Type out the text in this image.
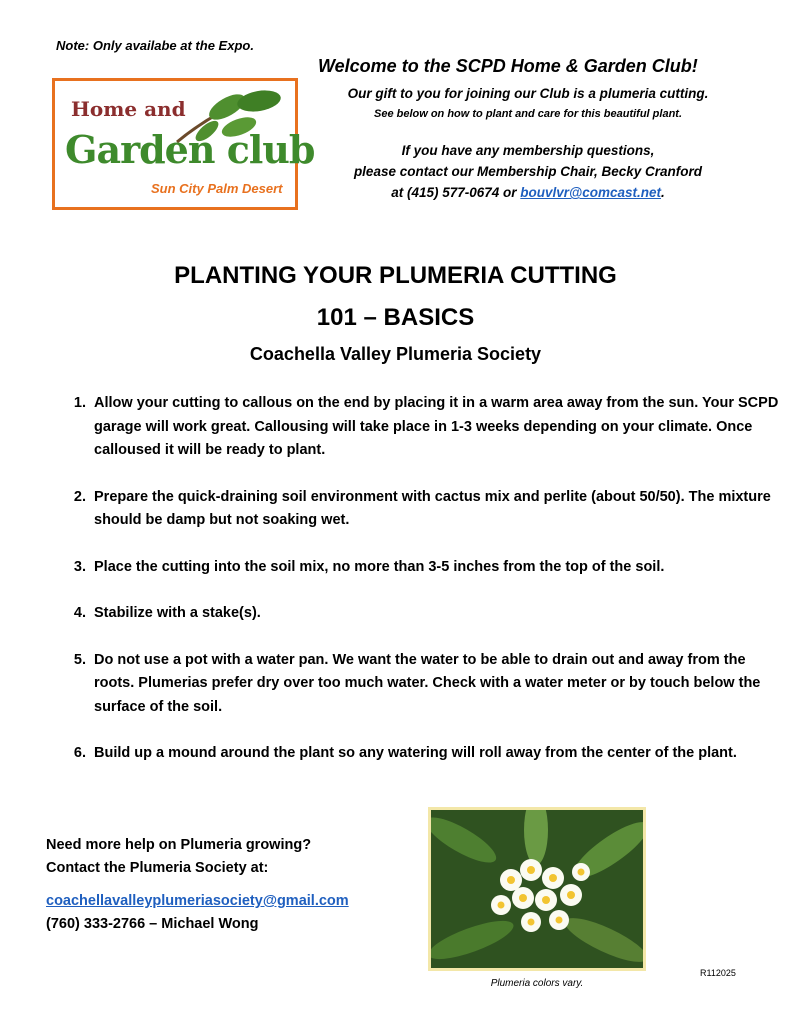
Note: Only availabe at the Expo.
Home and
Garden club
Sun City Palm Desert
Welcome to the SCPD Home & Garden Club!
Our gift to you for joining our Club is a plumeria cutting.
See below on how to plant and care for this beautiful plant.
If you have any membership questions,
please contact our Membership Chair, Becky Cranford
at (415) 577-0674 or bouvlvr@comcast.net.
PLANTING YOUR PLUMERIA CUTTING
101 – BASICS
Coachella Valley Plumeria Society
1. Allow your cutting to callous on the end by placing it in a warm area away from the sun. Your SCPD garage will work great. Callousing will take place in 1-3 weeks depending on your climate. Once calloused it will be ready to plant.
2. Prepare the quick-draining soil environment with cactus mix and perlite (about 50/50). The mixture should be damp but not soaking wet.
3. Place the cutting into the soil mix, no more than 3-5 inches from the top of the soil.
4. Stabilize with a stake(s).
5. Do not use a pot with a water pan. We want the water to be able to drain out and away from the roots. Plumerias prefer dry over too much water. Check with a water meter or by touch below the surface of the soil.
6. Build up a mound around the plant so any watering will roll away from the center of the plant.
Need more help on Plumeria growing?
Contact the Plumeria Society at:
coachellavalleyplumeriasociety@gmail.com
(760) 333-2766 – Michael Wong
Plumeria colors vary.
R112025
